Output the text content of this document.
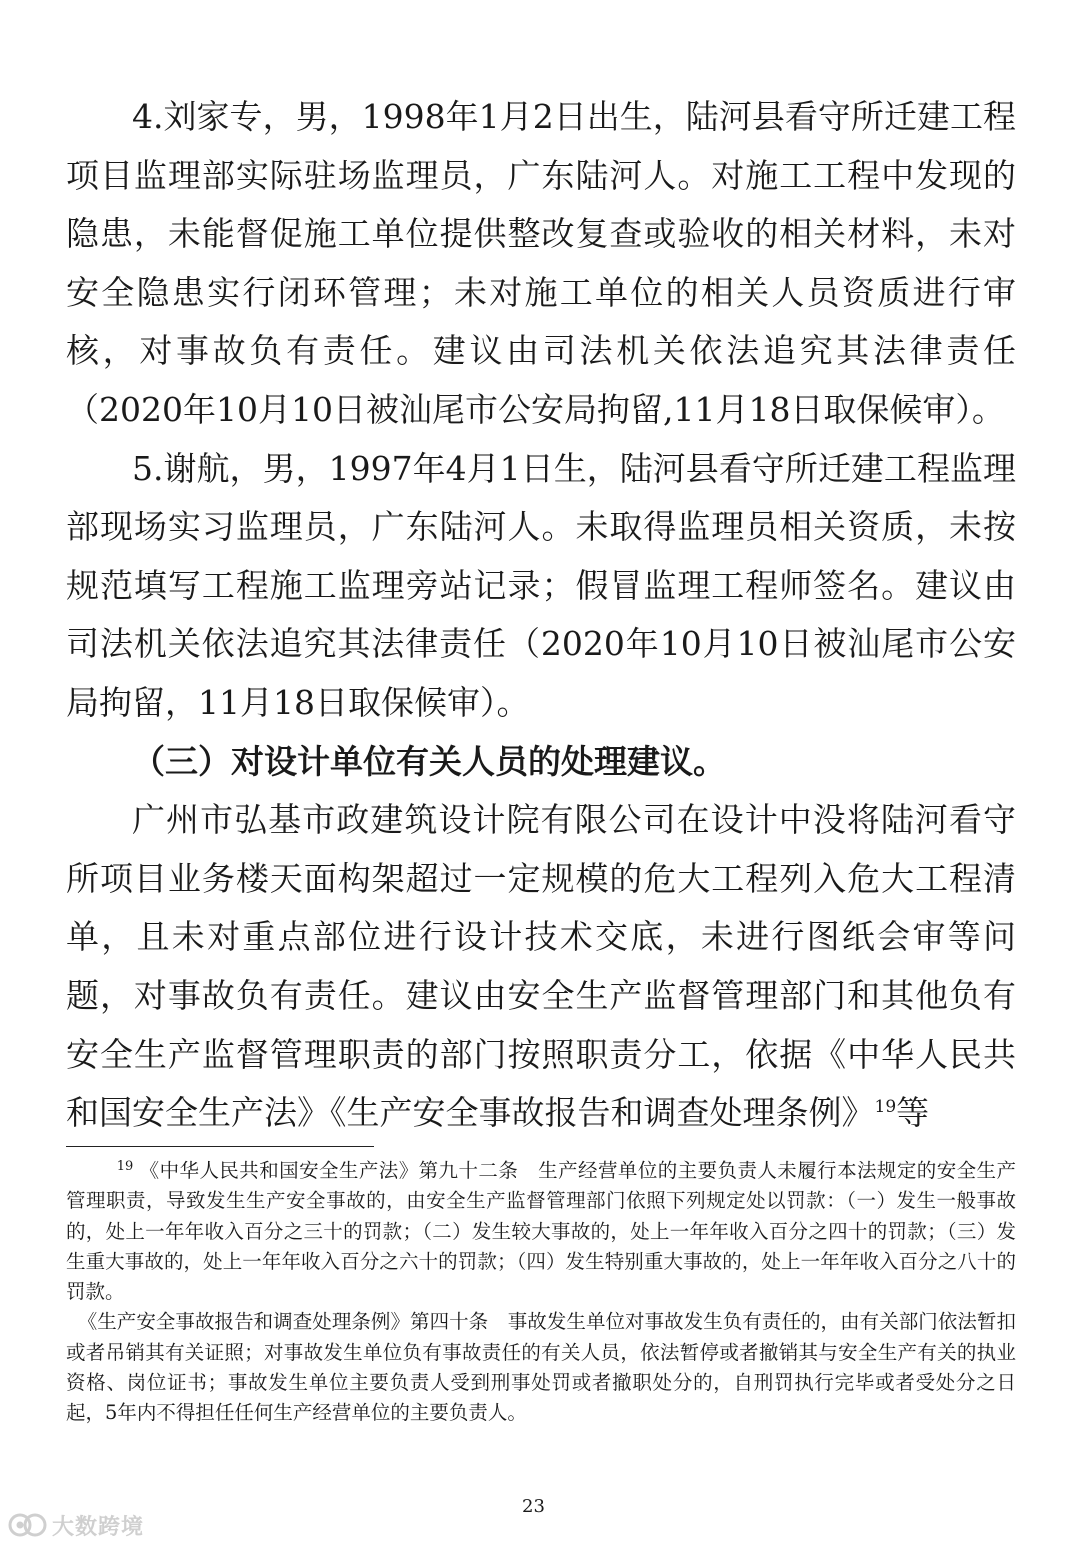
4.刘家专，男，1998年1月2日出生，陆河县看守所迁建工程项目监理部实际驻场监理员，广东陆河人。对施工工程中发现的隐患，未能督促施工单位提供整改复查或验收的相关材料，未对安全隐患实行闭环管理；未对施工单位的相关人员资质进行审核，对事故负有责任。建议由司法机关依法追究其法律责任（2020年10月10日被汕尾市公安局拘留,11月18日取保候审）。

5.谢航，男，1997年4月1日生，陆河县看守所迁建工程监理部现场实习监理员，广东陆河人。未取得监理员相关资质，未按规范填写工程施工监理旁站记录；假冒监理工程师签名。建议由司法机关依法追究其法律责任（2020年10月10日被汕尾市公安局拘留，11月18日取保候审）。

（三）对设计单位有关人员的处理建议。

广州市弘基市政建筑设计院有限公司在设计中没将陆河看守所项目业务楼天面构架超过一定规模的危大工程列入危大工程清单，且未对重点部位进行设计技术交底，未进行图纸会审等问题，对事故负有责任。建议由安全生产监督管理部门和其他负有安全生产监督管理职责的部门按照职责分工，依据《中华人民共和国安全生产法》《生产安全事故报告和调查处理条例》$^{19}$等

$^{19}$ 《中华人民共和国安全生产法》第九十二条　生产经营单位的主要负责人未履行本法规定的安全生产管理职责，导致发生生产安全事故的，由安全生产监督管理部门依照下列规定处以罚款：（一）发生一般事故的，处上一年年收入百分之三十的罚款；（二）发生较大事故的，处上一年年收入百分之四十的罚款；（三）发生重大事故的，处上一年年收入百分之六十的罚款；（四）发生特别重大事故的，处上一年年收入百分之八十的罚款。

《生产安全事故报告和调查处理条例》第四十条　事故发生单位对事故发生负有责任的，由有关部门依法暂扣或者吊销其有关证照；对事故发生单位负有事故责任的有关人员，依法暂停或者撤销其与安全生产有关的执业资格、岗位证书；事故发生单位主要负责人受到刑事处罚或者撤职处分的，自刑罚执行完毕或者受处分之日起，5年内不得担任任何生产经营单位的主要负责人。

23
大数跨境
